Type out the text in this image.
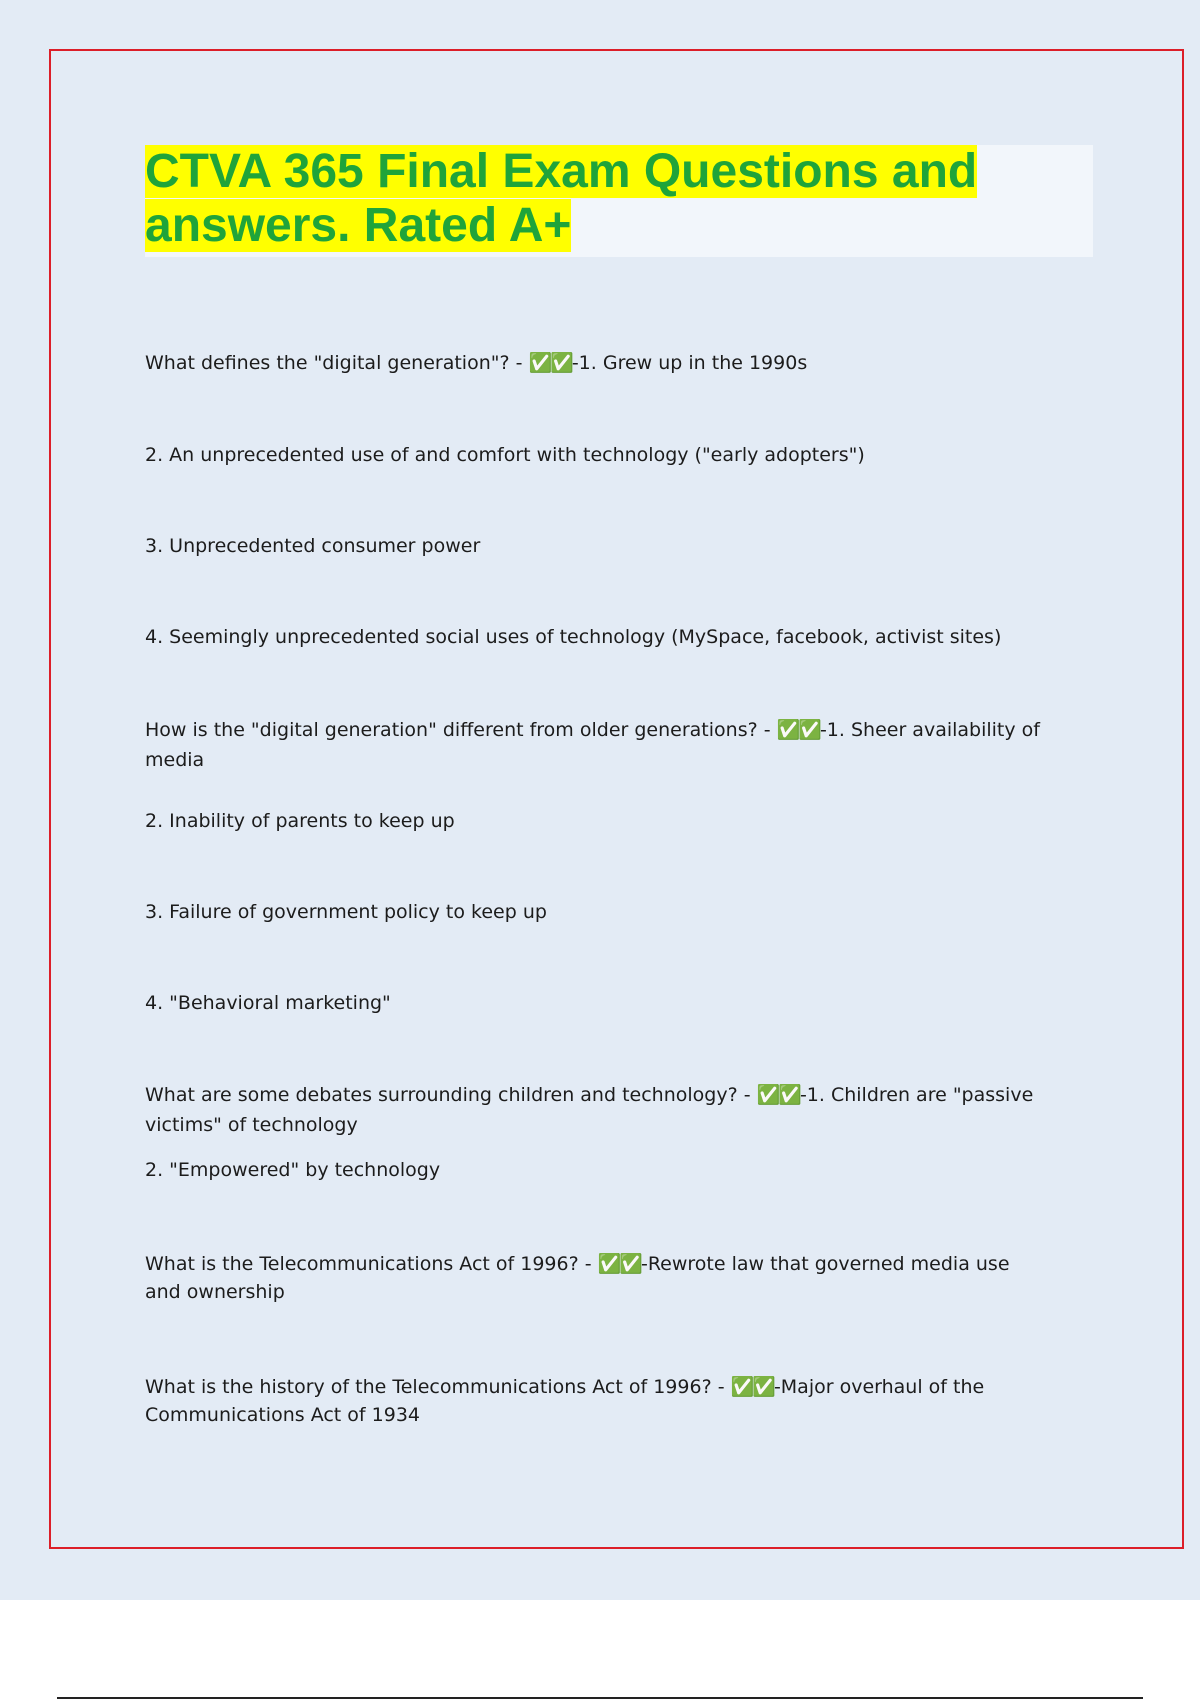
CTVA 365 Final Exam Questions and
answers. Rated A+

What defines the "digital generation"? - ✅✅-1. Grew up in the 1990s

2. An unprecedented use of and comfort with technology ("early adopters")

3. Unprecedented consumer power

4. Seemingly unprecedented social uses of technology (MySpace, facebook, activist sites)

How is the "digital generation" different from older generations? - ✅✅-1. Sheer availability of media

2. Inability of parents to keep up

3. Failure of government policy to keep up

4. "Behavioral marketing"

What are some debates surrounding children and technology? - ✅✅-1. Children are "passive victims" of technology

2. "Empowered" by technology

What is the Telecommunications Act of 1996? - ✅✅-Rewrote law that governed media use and ownership

What is the history of the Telecommunications Act of 1996? - ✅✅-Major overhaul of the Communications Act of 1934
